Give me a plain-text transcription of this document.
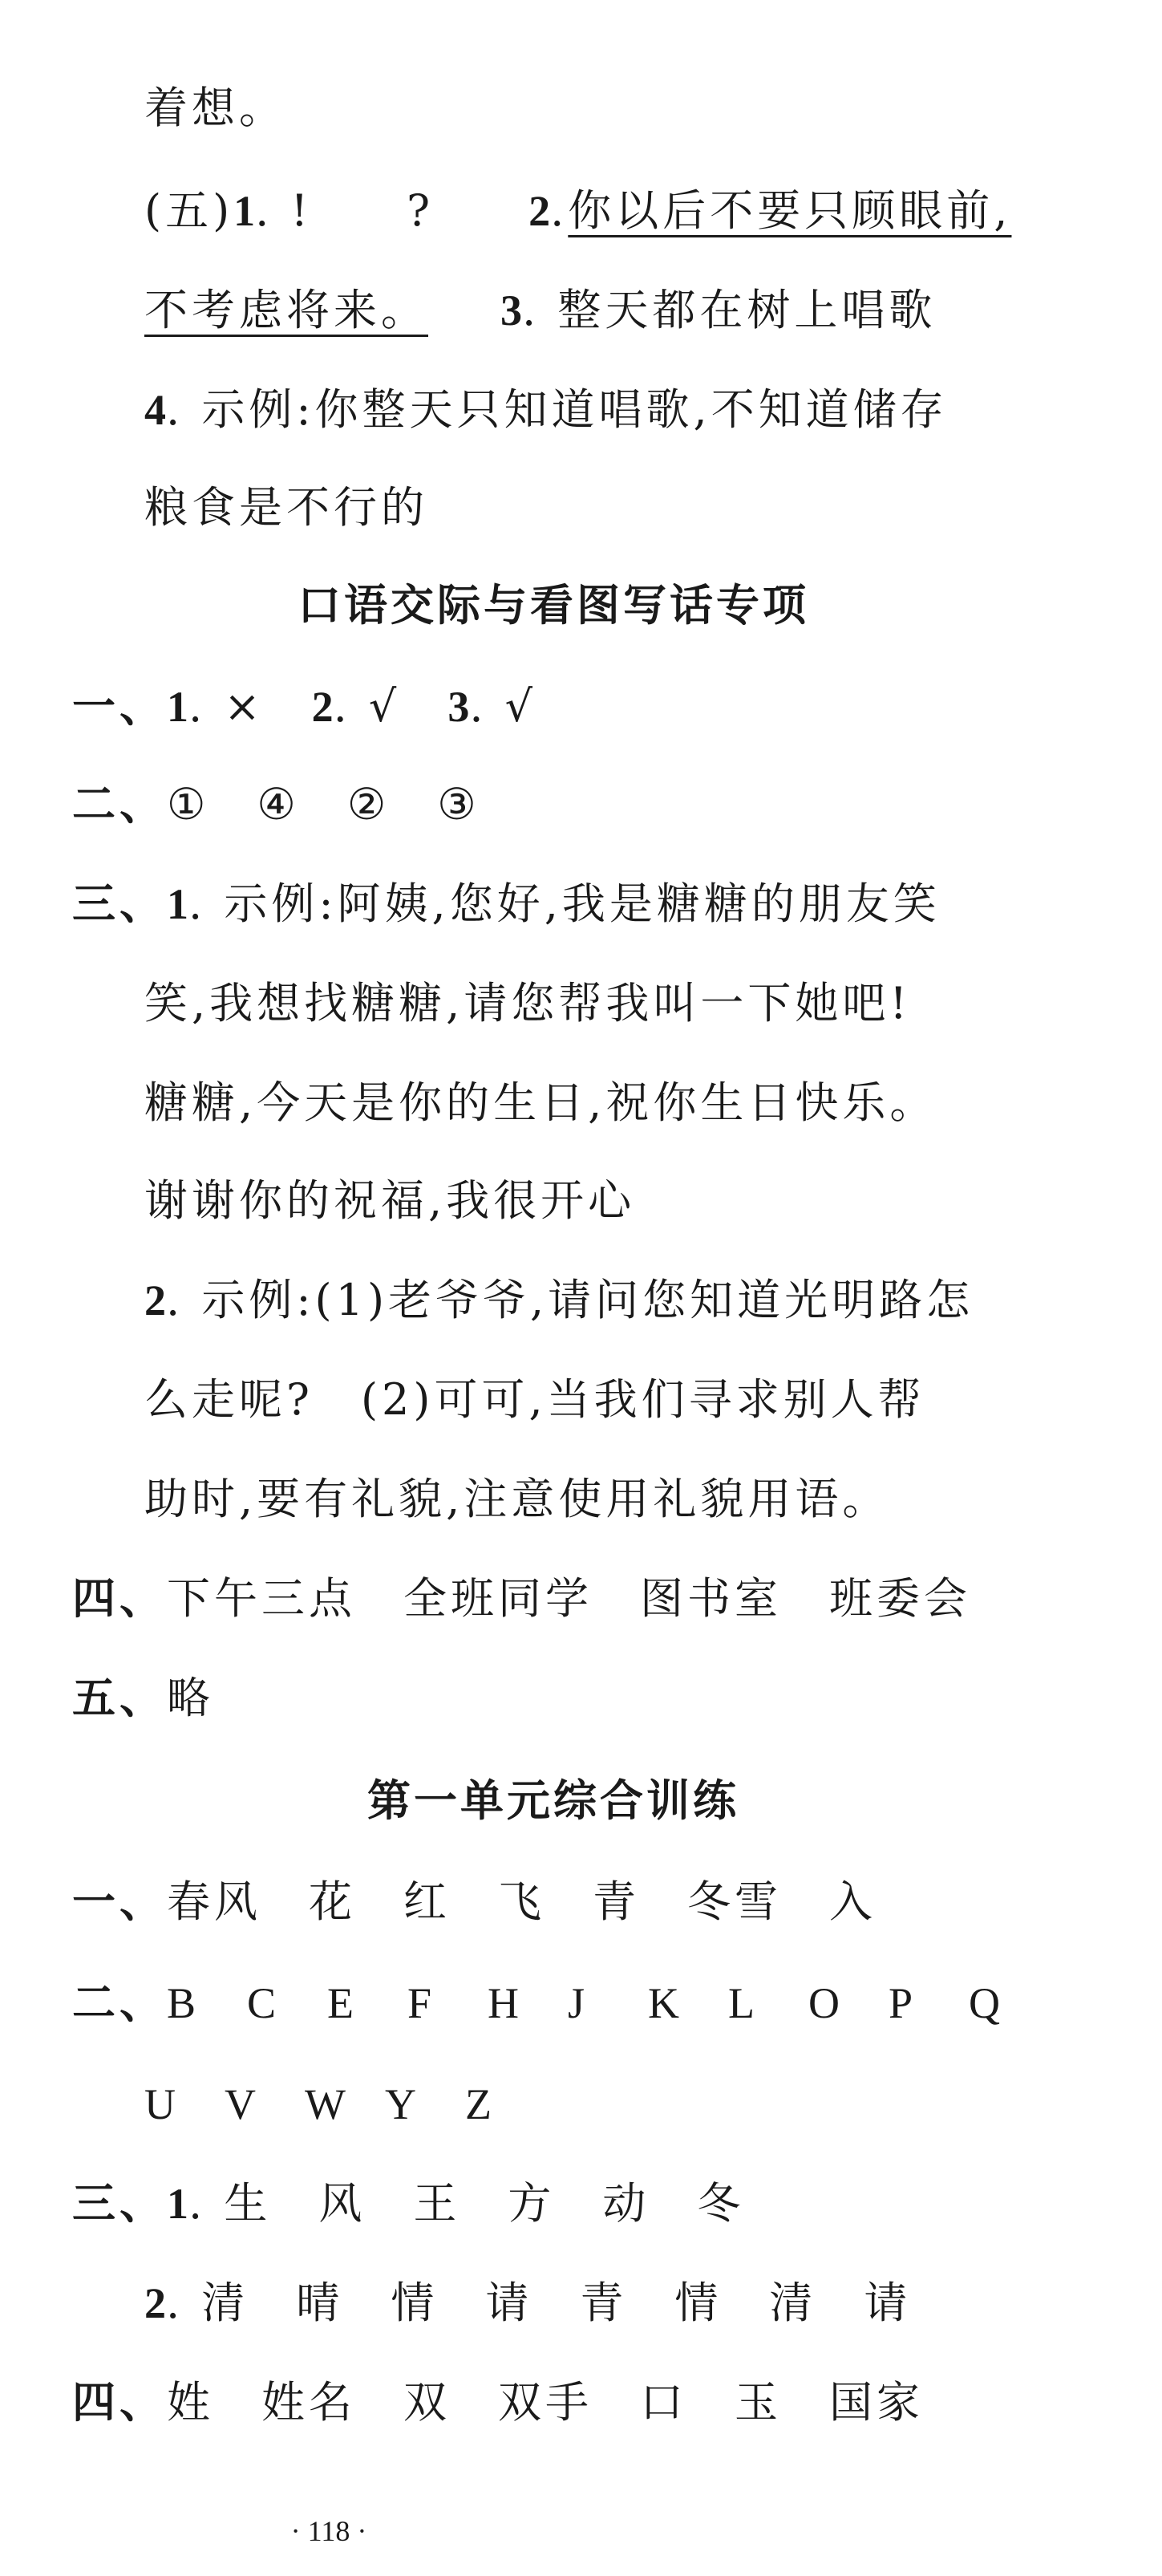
着想。
(五)1. !　　?　　2.你以后不要只顾眼前,
不考虑将来。 3. 整天都在树上唱歌
4. 示例:你整天只知道唱歌,不知道储存
粮食是不行的
口语交际与看图写话专项
一、1. ×　2. √　3. √
二、①　④　②　③
三、1. 示例:阿姨,您好,我是糖糖的朋友笑
笑,我想找糖糖,请您帮我叫一下她吧!
糖糖,今天是你的生日,祝你生日快乐。
谢谢你的祝福,我很开心
2. 示例:(1)老爷爷,请问您知道光明路怎
么走呢?　(2)可可,当我们寻求别人帮
助时,要有礼貌,注意使用礼貌用语。
四、下午三点　全班同学　图书室　班委会
五、略
第一单元综合训练
一、春风　花　红　飞　青　冬雪　入
二、B C E F H J K L O P Q
U V W Y Z
三、1. 生　风　王　方　动　冬
2. 清　晴　情　请　青　情　清　请
四、姓　姓名　双　双手　口　玉　国家
· 118 ·
